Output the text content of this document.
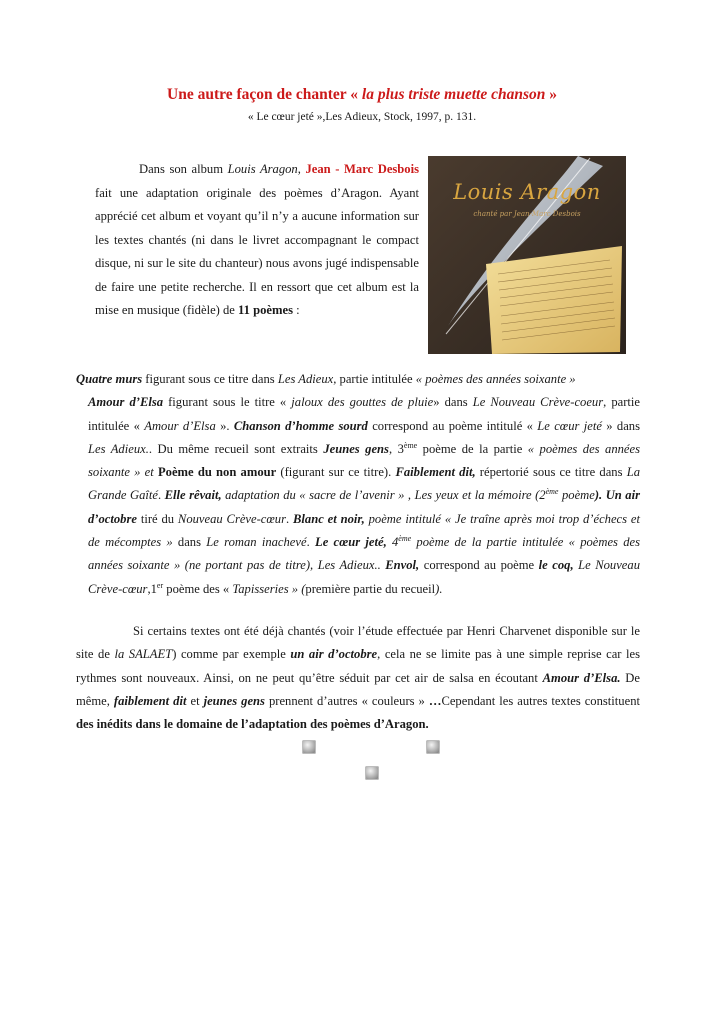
Une autre façon de chanter « la plus triste muette chanson »
« Le cœur jeté »,Les Adieux, Stock, 1997, p. 131.
Dans son album Louis Aragon, Jean - Marc Desbois fait une adaptation originale des poèmes d’Aragon. Ayant apprécié cet album et voyant qu’il n’y a aucune information sur les textes chantés (ni dans le livret accompagnant le compact disque, ni sur le site du chanteur) nous avons jugé indispensable de faire une petite recherche. Il en ressort que cet album est la mise en musique (fidèle) de 11 poèmes :
Louis Aragon
chanté par Jean-Marc Desbois
Quatre murs figurant sous ce titre dans Les Adieux, partie intitulée « poèmes des années soixante »
Amour d’Elsa figurant sous le titre « jaloux des gouttes de pluie» dans Le Nouveau Crève-coeur, partie intitulée « Amour d’Elsa ». Chanson d’homme sourd correspond au poème intitulé « Le cœur jeté » dans Les Adieux.. Du même recueil sont extraits Jeunes gens, 3ème poème de la partie « poèmes des années soixante » et Poème du non amour (figurant sur ce titre). Faiblement dit, répertorié sous ce titre dans La Grande Gaîté. Elle rêvait, adaptation du « sacre de l’avenir » , Les yeux et la mémoire (2ème poème). Un air d’octobre tiré du Nouveau Crève-cœur. Blanc et noir, poème intitulé « Je traîne après moi trop d’échecs et de mécomptes » dans Le roman inachevé. Le cœur jeté, 4ème poème de la partie intitulée « poèmes des années soixante » (ne portant pas de titre), Les Adieux.. Envol, correspond au poème le coq, Le Nouveau Crève-cœur,1er poème des « Tapisseries » (première partie du recueil).
Si certains textes ont été déjà chantés (voir l’étude effectuée par Henri Charvenet disponible sur le site de la SALAET) comme par exemple un air d’octobre, cela ne se limite pas à une simple reprise car les rythmes sont nouveaux. Ainsi, on ne peut qu’être séduit par cet air de salsa en écoutant Amour d’Elsa. De même, faiblement dit et jeunes gens prennent d’autres « couleurs » …Cependant les autres textes constituent des inédits dans le domaine de l’adaptation des poèmes d’Aragon.
